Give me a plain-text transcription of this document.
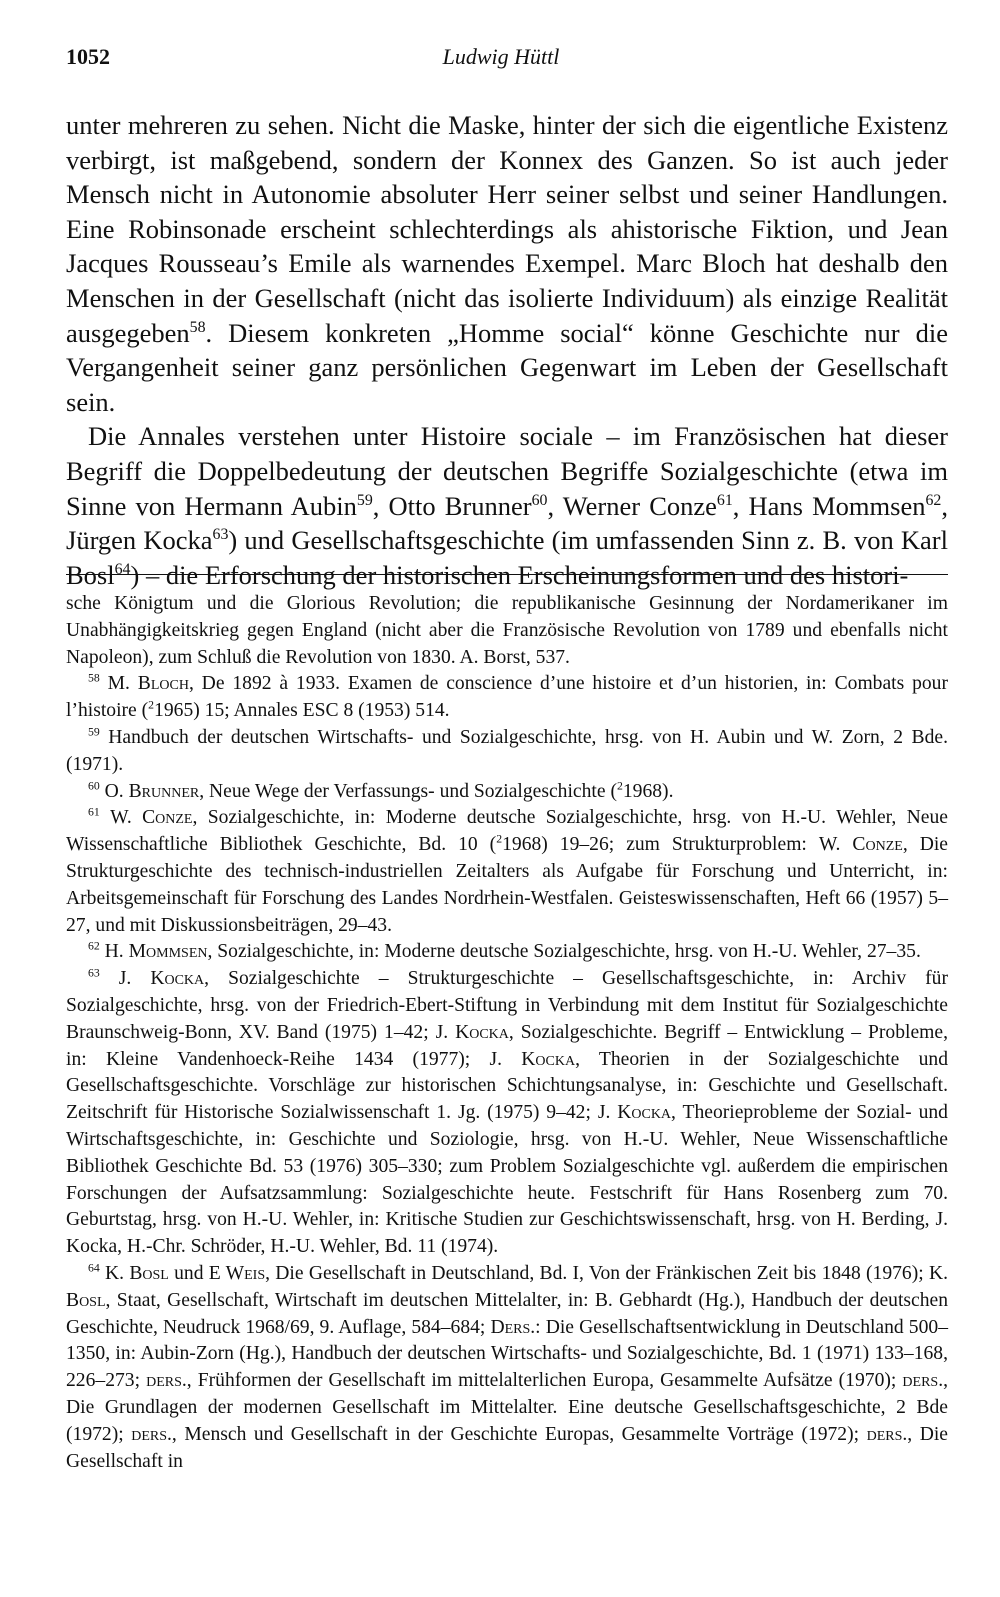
1052	Ludwig Hüttl

unter mehreren zu sehen. Nicht die Maske, hinter der sich die eigentliche Existenz verbirgt, ist maßgebend, sondern der Konnex des Ganzen. So ist auch jeder Mensch nicht in Autonomie absoluter Herr seiner selbst und seiner Handlungen. Eine Robinsonade erscheint schlechterdings als ahistorische Fiktion, und Jean Jacques Rousseau’s Emile als warnendes Exempel. Marc Bloch hat deshalb den Menschen in der Gesellschaft (nicht das isolierte Individuum) als einzige Realität ausgegeben$^{58}$. Diesem konkreten „Homme social“ könne Geschichte nur die Vergangenheit seiner ganz persönlichen Gegenwart im Leben der Gesellschaft sein.

Die Annales verstehen unter Histoire sociale – im Französischen hat dieser Begriff die Doppelbedeutung der deutschen Begriffe Sozialgeschichte (etwa im Sinne von Hermann Aubin$^{59}$, Otto Brunner$^{60}$, Werner Conze$^{61}$, Hans Mommsen$^{62}$, Jürgen Kocka$^{63}$) und Gesellschaftsgeschichte (im umfassenden Sinn z. B. von Karl Bosl$^{64}$) – die Erforschung der historischen Erscheinungsformen und des histori-

sche Königtum und die Glorious Revolution; die republikanische Gesinnung der Nordamerikaner im Unabhängigkeitskrieg gegen England (nicht aber die Französische Revolution von 1789 und ebenfalls nicht Napoleon), zum Schluß die Revolution von 1830. A. Borst, 537.

$^{58}$ M. Bloch, De 1892 à 1933. Examen de conscience d’une histoire et d’un historien, in: Combats pour l’histoire ($^2$1965) 15; Annales ESC 8 (1953) 514.

$^{59}$ Handbuch der deutschen Wirtschafts- und Sozialgeschichte, hrsg. von H. Aubin und W. Zorn, 2 Bde. (1971).

$^{60}$ O. Brunner, Neue Wege der Verfassungs- und Sozialgeschichte ($^2$1968).

$^{61}$ W. Conze, Sozialgeschichte, in: Moderne deutsche Sozialgeschichte, hrsg. von H.-U. Wehler, Neue Wissenschaftliche Bibliothek Geschichte, Bd. 10 ($^2$1968) 19–26; zum Strukturproblem: W. Conze, Die Strukturgeschichte des technisch-industriellen Zeitalters als Aufgabe für Forschung und Unterricht, in: Arbeitsgemeinschaft für Forschung des Landes Nordrhein-Westfalen. Geisteswissenschaften, Heft 66 (1957) 5–27, und mit Diskussionsbeiträgen, 29–43.

$^{62}$ H. Mommsen, Sozialgeschichte, in: Moderne deutsche Sozialgeschichte, hrsg. von H.-U. Wehler, 27–35.

$^{63}$ J. Kocka, Sozialgeschichte – Strukturgeschichte – Gesellschaftsgeschichte, in: Archiv für Sozialgeschichte, hrsg. von der Friedrich-Ebert-Stiftung in Verbindung mit dem Institut für Sozialgeschichte Braunschweig-Bonn, XV. Band (1975) 1–42; J. Kocka, Sozialgeschichte. Begriff – Entwicklung – Probleme, in: Kleine Vandenhoeck-Reihe 1434 (1977); J. Kocka, Theorien in der Sozialgeschichte und Gesellschaftsgeschichte. Vorschläge zur historischen Schichtungsanalyse, in: Geschichte und Gesellschaft. Zeitschrift für Historische Sozialwissenschaft 1. Jg. (1975) 9–42; J. Kocka, Theorieprobleme der Sozial- und Wirtschaftsgeschichte, in: Geschichte und Soziologie, hrsg. von H.-U. Wehler, Neue Wissenschaftliche Bibliothek Geschichte Bd. 53 (1976) 305–330; zum Problem Sozialgeschichte vgl. außerdem die empirischen Forschungen der Aufsatzsammlung: Sozialgeschichte heute. Festschrift für Hans Rosenberg zum 70. Geburtstag, hrsg. von H.-U. Wehler, in: Kritische Studien zur Geschichtswissenschaft, hrsg. von H. Berding, J. Kocka, H.-Chr. Schröder, H.-U. Wehler, Bd. 11 (1974).

$^{64}$ K. Bosl und E Weis, Die Gesellschaft in Deutschland, Bd. I, Von der Fränkischen Zeit bis 1848 (1976); K. Bosl, Staat, Gesellschaft, Wirtschaft im deutschen Mittelalter, in: B. Gebhardt (Hg.), Handbuch der deutschen Geschichte, Neudruck 1968/69, 9. Auflage, 584–684; Ders.: Die Gesellschaftsentwicklung in Deutschland 500–1350, in: Aubin-Zorn (Hg.), Handbuch der deutschen Wirtschafts- und Sozialgeschichte, Bd. 1 (1971) 133–168, 226–273; ders., Frühformen der Gesellschaft im mittelalterlichen Europa, Gesammelte Aufsätze (1970); ders., Die Grundlagen der modernen Gesellschaft im Mittelalter. Eine deutsche Gesellschaftsgeschichte, 2 Bde (1972); ders., Mensch und Gesellschaft in der Geschichte Europas, Gesammelte Vorträge (1972); ders., Die Gesellschaft in
